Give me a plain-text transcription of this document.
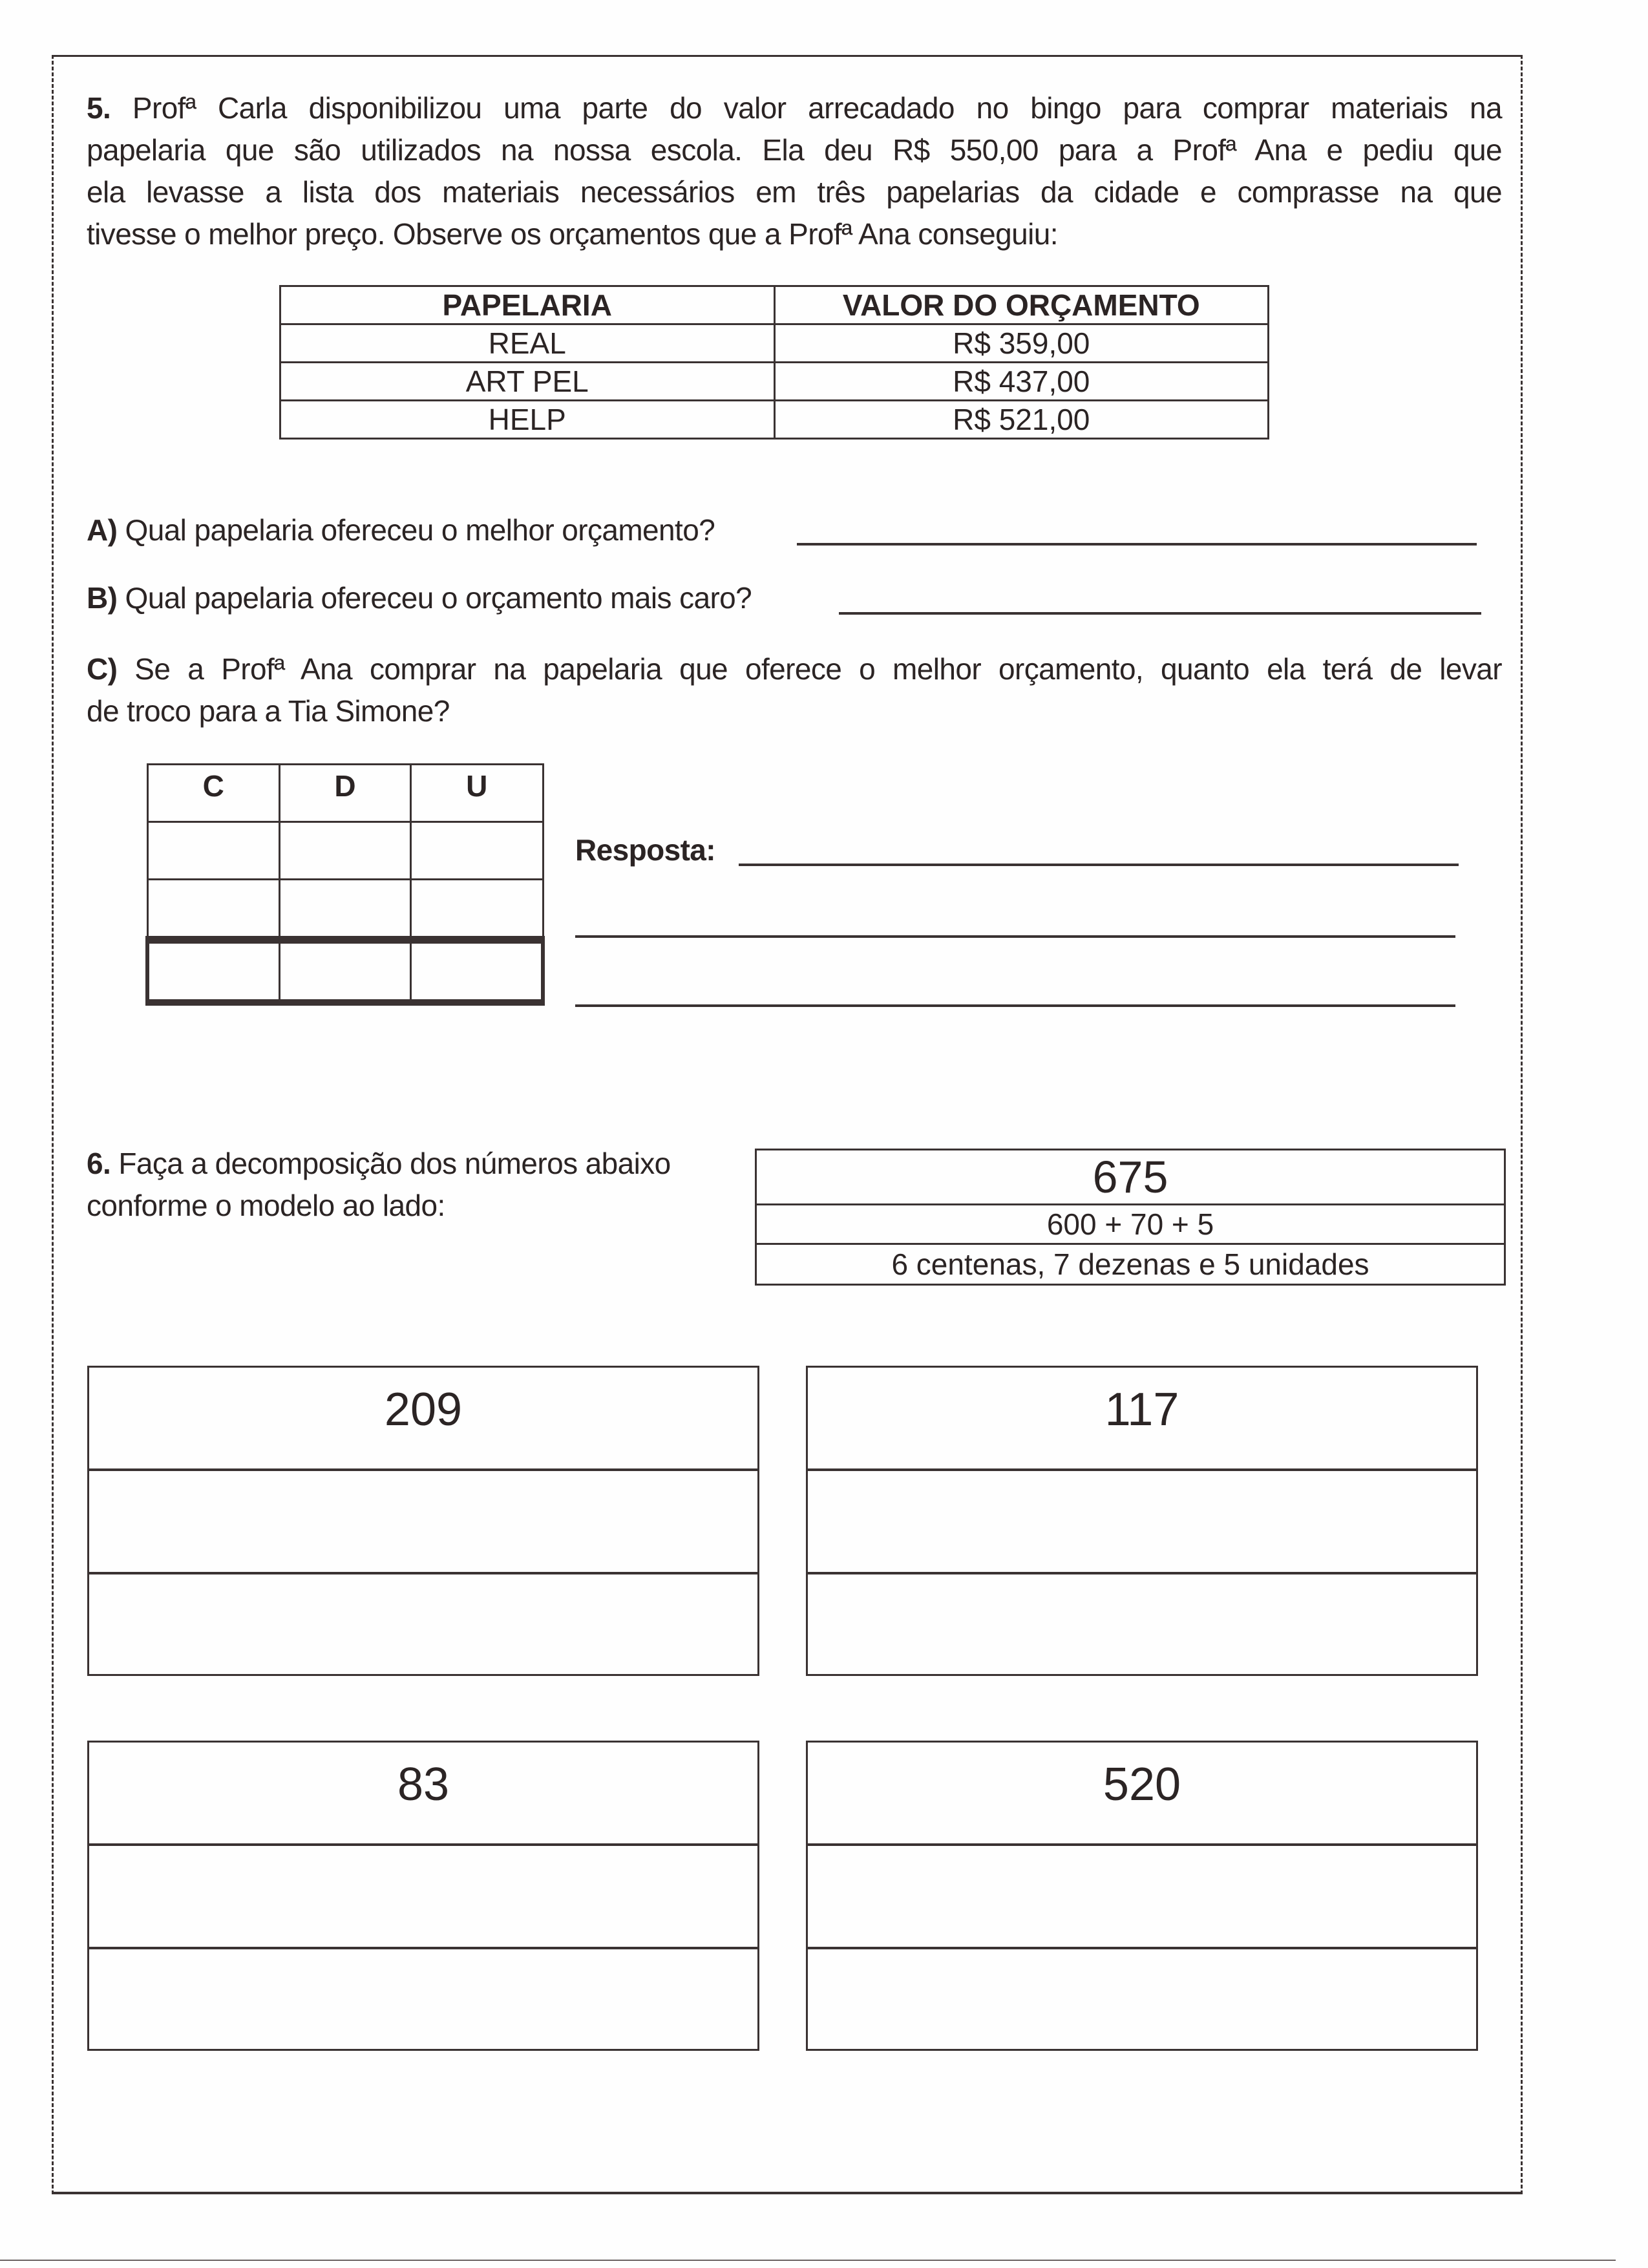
5. Profª Carla disponibilizou uma parte do valor arrecadado no bingo para comprar materiais na
papelaria que são utilizados na nossa escola. Ela deu R$ 550,00 para a Profª Ana e pediu que
ela levasse a lista dos materiais necessários em três papelarias da cidade e comprasse na que
tivesse o melhor preço. Observe os orçamentos que a Profª Ana conseguiu:
PAPELARIA	VALOR DO ORÇAMENTO
REAL	R$ 359,00
ART PEL	R$ 437,00
HELP	R$ 521,00
A) Qual papelaria ofereceu o melhor orçamento?
B) Qual papelaria ofereceu o orçamento mais caro?
C) Se a Profª Ana comprar na papelaria que oferece o melhor orçamento, quanto ela terá de levar
de troco para a Tia Simone?
C	D	U

Resposta:
6. Faça a decomposição dos números abaixo
conforme o modelo ao lado:
675
600 + 70 + 5
6 centenas, 7 dezenas e 5 unidades
209	117
83	520
